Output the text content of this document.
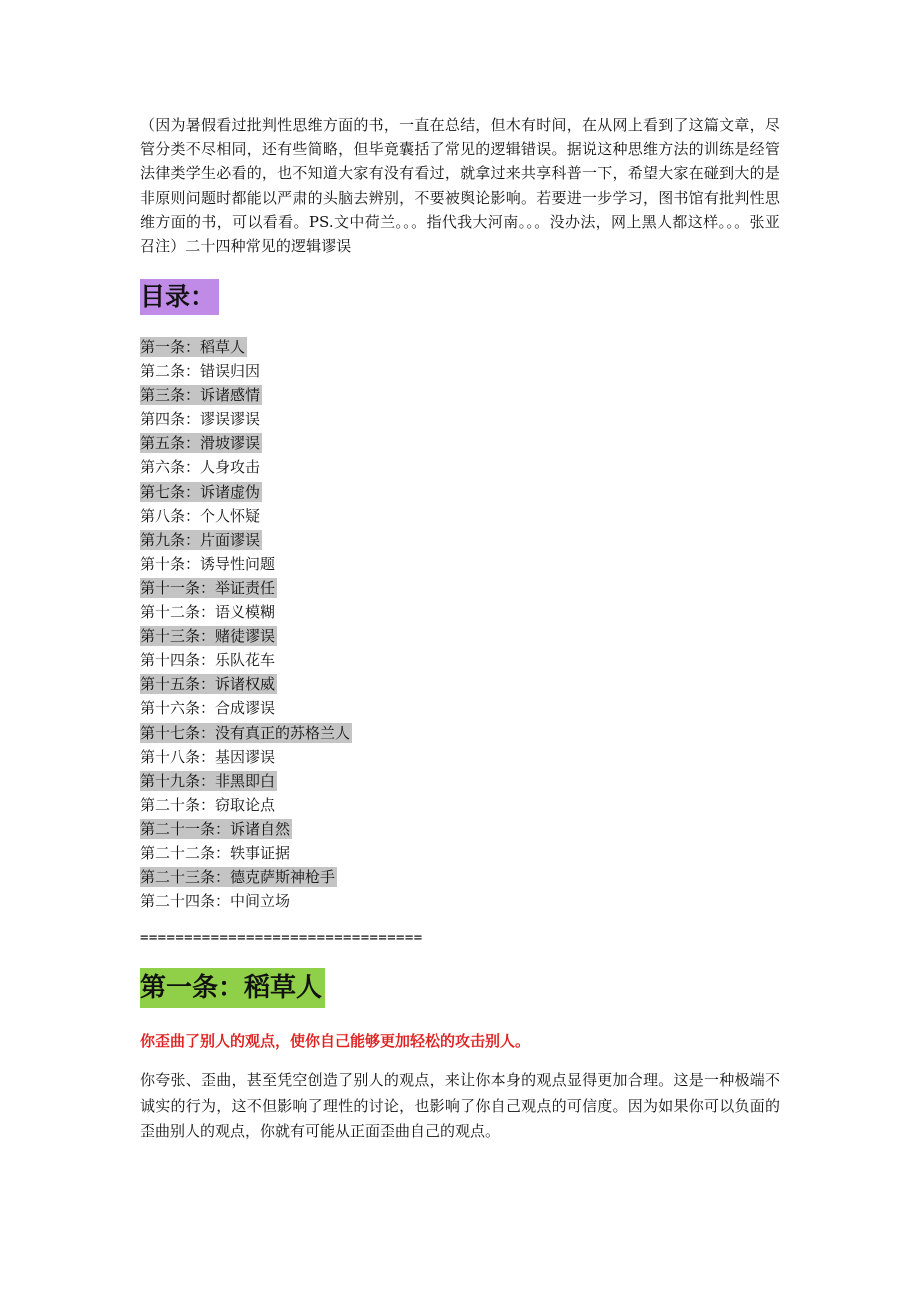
（因为暑假看过批判性思维方面的书，一直在总结，但木有时间，在从网上看到了这篇文章，尽管分类不尽相同，还有些简略，但毕竟囊括了常见的逻辑错误。据说这种思维方法的训练是经管法律类学生必看的，也不知道大家有没有看过，就拿过来共享科普一下，希望大家在碰到大的是非原则问题时都能以严肃的头脑去辨别，不要被舆论影响。若要进一步学习，图书馆有批判性思维方面的书，可以看看。PS.文中荷兰。。。指代我大河南。。。没办法，网上黑人都这样。。。张亚召注）二十四种常见的逻辑谬误

目录：
第一条：稻草人
第二条：错误归因
第三条：诉诸感情
第四条：谬误谬误
第五条：滑坡谬误
第六条：人身攻击
第七条：诉诸虚伪
第八条：个人怀疑
第九条：片面谬误
第十条：诱导性问题
第十一条：举证责任
第十二条：语义模糊
第十三条：赌徒谬误
第十四条：乐队花车
第十五条：诉诸权威
第十六条：合成谬误
第十七条：没有真正的苏格兰人
第十八条：基因谬误
第十九条：非黑即白
第二十条：窃取论点
第二十一条：诉诸自然
第二十二条：轶事证据
第二十三条：德克萨斯神枪手
第二十四条：中间立场
================================
第一条：稻草人
你歪曲了别人的观点，使你自己能够更加轻松的攻击别人。

你夸张、歪曲，甚至凭空创造了别人的观点，来让你本身的观点显得更加合理。这是一种极端不诚实的行为，这不但影响了理性的讨论，也影响了你自己观点的可信度。因为如果你可以负面的歪曲别人的观点，你就有可能从正面歪曲自己的观点。
